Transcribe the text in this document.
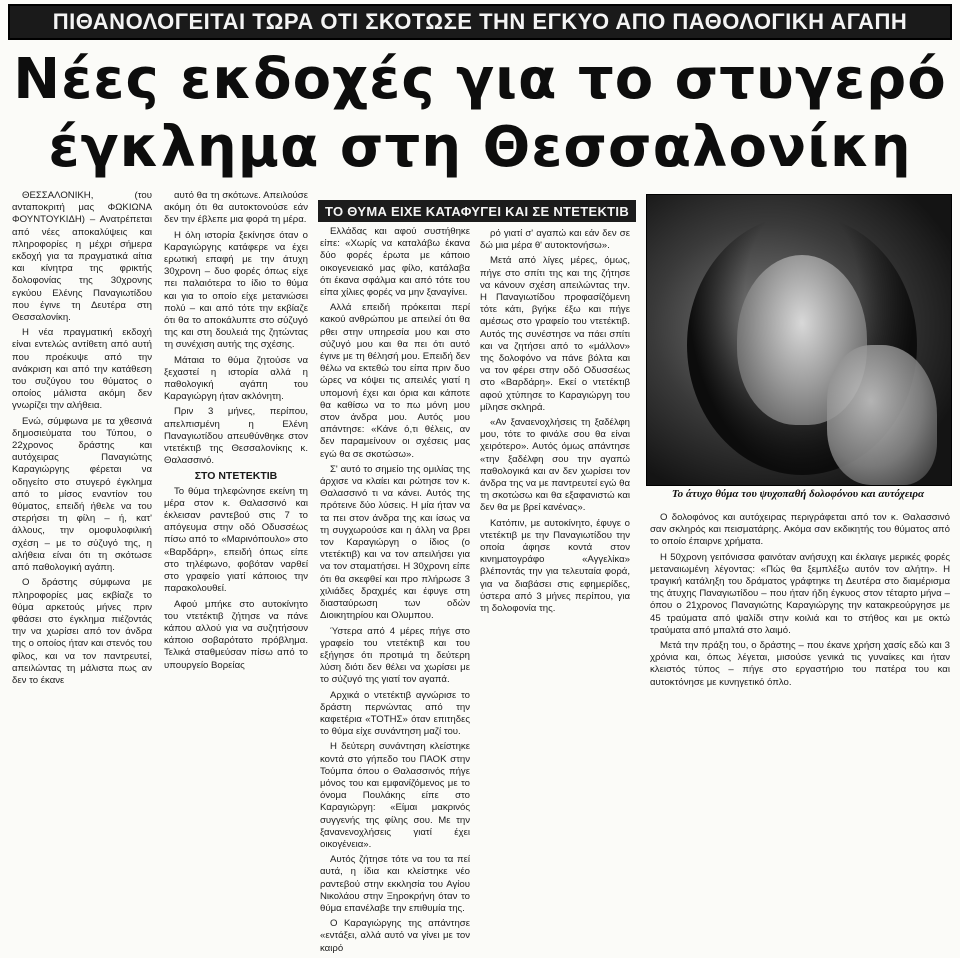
ΠΙΘΑΝΟΛΟΓΕΙΤΑΙ ΤΩΡΑ ΟΤΙ ΣΚΟΤΩΣΕ ΤΗΝ ΕΓΚΥΟ ΑΠΟ ΠΑΘΟΛΟΓΙΚΗ ΑΓΑΠΗ
Νέες εκδοχές για το στυγερό
έγκλημα στη Θεσσαλονίκη

ΘΕΣΣΑΛΟΝΙΚΗ, (του ανταποκριτή μας ΦΩΚΙΩΝΑ ΦΟΥΝΤΟΥΚΙΔΗ) – Ανατρέπεται από νέες αποκαλύψεις και πληροφορίες η μέχρι σήμερα εκδοχή για τα πραγματικά αίτια και κίνητρα της φρικτής δολοφονίας της 30χρονης εγκύου Ελένης Παναγιωτίδου που έγινε τη Δευτέρα στη Θεσσαλονίκη.

Η νέα πραγματική εκδοχή είναι εντελώς αντίθετη από αυτή που προέκυψε από την ανάκριση και από την κατάθεση του συζύγου του θύματος ο οποίος μάλιστα ακόμη δεν γνωρίζει την αλήθεια.

Ενώ, σύμφωνα με τα χθεσινά δημοσιεύματα του Τύπου, ο 22χρονος δράστης και αυτόχειρας Παναγιώτης Καραγιώργης φέρεται να οδηγείτο στο στυγερό έγκλημα από το μίσος εναντίον του θύματος, επειδή ήθελε να του στερήσει τη φίλη – ή, κατ' άλλους, την ομοφυλοφιλική σχέση – με το σύζυγό της, η αλήθεια είναι ότι τη σκότωσε από παθολογική αγάπη.

Ο δράστης σύμφωνα με πληροφορίες μας εκβίαζε το θύμα αρκετούς μήνες πριν φθάσει στο έγκλημα πιέζοντάς την να χωρίσει από τον άνδρα της ο οποίος ήταν και στενός του φίλος, και να τον παντρευτεί, απειλώντας τη μάλιστα πως αν δεν το έκανε

αυτό θα τη σκότωνε. Απειλούσε ακόμη ότι θα αυτοκτονούσε εάν δεν την έβλεπε μια φορά τη μέρα.

Η όλη ιστορία ξεκίνησε όταν ο Καραγιώργης κατάφερε να έχει ερωτική επαφή με την άτυχη 30χρονη – δυο φορές όπως είχε πει παλαιότερα το ίδιο το θύμα και για το οποίο είχε μετανιώσει πολύ – και από τότε την εκβίαζε ότι θα το αποκάλυπτε στο σύζυγό της και στη δουλειά της ζητώντας τη συνέχιση αυτής της σχέσης.

Μάταια το θύμα ζητούσε να ξεχαστεί η ιστορία αλλά η παθολογική αγάπη του Καραγιώργη ήταν ακλόνητη.

Πριν 3 μήνες, περίπου, απελπισμένη η Ελένη Παναγιωτίδου απευθύνθηκε στον ντετέκτιβ της Θεσσαλονίκης κ. Θαλασσινό.

ΣΤΟ ΝΤΕΤΕΚΤΙΒ

Το θύμα τηλεφώνησε εκείνη τη μέρα στον κ. Θαλασσινό και έκλεισαν ραντεβού στις 7 το απόγευμα στην οδό Οδυσσέως πίσω από το «Μαρινόπουλο» στο «Βαρδάρη», επειδή όπως είπε στο τηλέφωνο, φοβόταν ναρθεί στο γραφείο γιατί κάποιος την παρακολουθεί.

Αφού μπήκε στο αυτοκίνητο του ντετέκτιβ ζήτησε να πάνε κάπου αλλού για να συζητήσουν κάποιο σοβαρότατο πρόβλημα. Τελικά σταθμεύσαν πίσω από το υπουργείο Βορείας

ΤΟ ΘΥΜΑ ΕΙΧΕ ΚΑΤΑΦΥΓΕΙ ΚΑΙ ΣΕ ΝΤΕΤΕΚΤΙΒ

Ελλάδας και αφού συστήθηκε είπε: «Χωρίς να καταλάβω έκανα δύο φορές έρωτα με κάποιο οικογενειακό μας φίλο, κατάλαβα ότι έκανα σφάλμα και από τότε του είπα χίλιες φορές να μην ξαναγίνει.

Αλλά επειδή πρόκειται περί κακού ανθρώπου με απειλεί ότι θα ρθει στην υπηρεσία μου και στο σύζυγό μου και θα πει ότι αυτό έγινε με τη θέλησή μου. Επειδή δεν θέλω να εκτεθώ του είπα πριν δυο ώρες να κόψει τις απειλές γιατί η υπομονή έχει και όρια και κάποτε θα καθίσω να το πω μόνη μου στον άνδρα μου. Αυτός μου απάντησε: «Κάνε ό,τι θέλεις, αν δεν παραμείνουν οι σχέσεις μας εγώ θα σε σκοτώσω».

Σ' αυτό το σημείο της ομιλίας της άρχισε να κλαίει και ρώτησε τον κ. Θαλασσινό τι να κάνει. Αυτός της πρότεινε δύο λύσεις. Η μία ήταν να τα πει στον άνδρα της και ίσως να τη συγχωρούσε και η άλλη να βρει τον Καραγιώργη ο ίδιος (ο ντετέκτιβ) και να τον απειλήσει για να τον σταματήσει. Η 30χρονη είπε ότι θα σκεφθεί και προ πλήρωσε 3 χιλιάδες δραχμές και έφυγε στη διασταύρωση των οδών Διοικητηρίου και Ολυμπου.

Ύστερα από 4 μέρες πήγε στο γραφείο του ντετέκτιβ και του εξήγησε ότι προτιμά τη δεύτερη λύση διότι δεν θέλει να χωρίσει με το σύζυγό της γιατί τον αγαπά.

Αρχικά ο ντετέκτιβ αγνώρισε το δράστη περνώντας από την καφετέρια «ΤΟΤΗΣ» όταν επιτηδες το θύμα είχε συνάντηση μαζί του.

Η δεύτερη συνάντηση κλείστηκε κοντά στο γήπεδο του ΠΑΟΚ στην Τούμπα όπου ο Θαλασσινός πήγε μόνος του και εμφανίζόμενος με το όνομα Πουλάκης είπε στο Καραγιώργη: «Είμαι μακρινός συγγενής της φίλης σου. Με την ξανανενοχλήσεις γιατί έχει οικογένεια».

Αυτός ζήτησε τότε να του τα πεί αυτά, η ίδια και κλείστηκε νέο ραντεβού στην εκκλησία του Αγίου Νικολάου στην Ξηροκρήνη όταν το θύμα επανέλαβε την επιθυμία της.

Ο Καραγιώργης της απάντησε «εντάξει, αλλά αυτό να γίνει με τον καιρό

ρό γιατί σ' αγαπώ και εάν δεν σε δώ μια μέρα θ' αυτοκτονήσω».

Μετά από λίγες μέρες, όμως, πήγε στο σπίτι της και της ζήτησε να κάνουν σχέση απειλώντας την. Η Παναγιωτίδου προφασίζόμενη τότε κάτι, βγήκε έξω και πήγε αμέσως στο γραφείο του ντετέκτιβ. Αυτός της συνέστησε να πάει σπίτι και να ζητήσει από το «μάλλον» της δολοφόνο να πάνε βόλτα και να τον φέρει στην οδό Οδυσσέως στο «Βαρδάρη». Εκεί ο ντετέκτιβ αφού χτύπησε το Καραγιώργη του μίλησε σκληρά.

«Αν ξαναενοχλήσεις τη ξαδέλφη μου, τότε το φινάλε σου θα είναι χειρότερο». Αυτός όμως απάντησε «την ξαδέλφη σου την αγαπώ παθολογικά και αν δεν χωρίσει τον άνδρα της να με παντρευτεί εγώ θα τη σκοτώσω και θα εξαφανιστώ και δεν θα με βρεί κανένας».

Κατόπιν, με αυτοκίνητο, έφυγε ο ντετέκτιβ με την Παναγιωτίδου την οποία άφησε κοντά στον κινηματογράφο «Αγγελίκα» βλέποντάς την για τελευταία φορά, για να διαβάσει στις εφημερίδες, ύστερα από 3 μήνες περίπου, για τη δολοφονία της.

Το άτυχο θύμα του ψυχοπαθή δολοφόνου και αυτόχειρα

Ο δολοφόνος και αυτόχειρας περιγράφεται από τον κ. Θαλασσινό σαν σκληρός και πεισματάρης. Ακόμα σαν εκδικητής του θύματος από το οποίο έπαιρνε χρήματα.

Η 50χρονη γειτόνισσα φαινόταν ανήσυχη και έκλαιγε μερικές φορές μεταναιωμένη λέγοντας: «Πώς θα ξεμπλέξω αυτόν τον αλήτη». Η τραγική κατάληξη του δράματος γράφτηκε τη Δευτέρα στο διαμέρισμα της άτυχης Παναγιωτίδου – που ήταν ήδη έγκυος στον τέταρτο μήνα – όπου ο 21χρονος Παναγιώτης Καραγιώργης την κατακρεούργησε με 45 τραύματα από ψαλίδι στην κοιλιά και το στήθος και με οκτώ τραύματα από μπαλτά στο λαιμό.

Μετά την πράξη του, ο δράστης – που έκανε χρήση χασίς εδώ και 3 χρόνια και, όπως λέγεται, μισούσε γενικά τις γυναίκες και ήταν κλειστός τύπος – πήγε στο εργαστήριο του πατέρα του και αυτοκτόνησε με κυνηγετικό όπλο.
